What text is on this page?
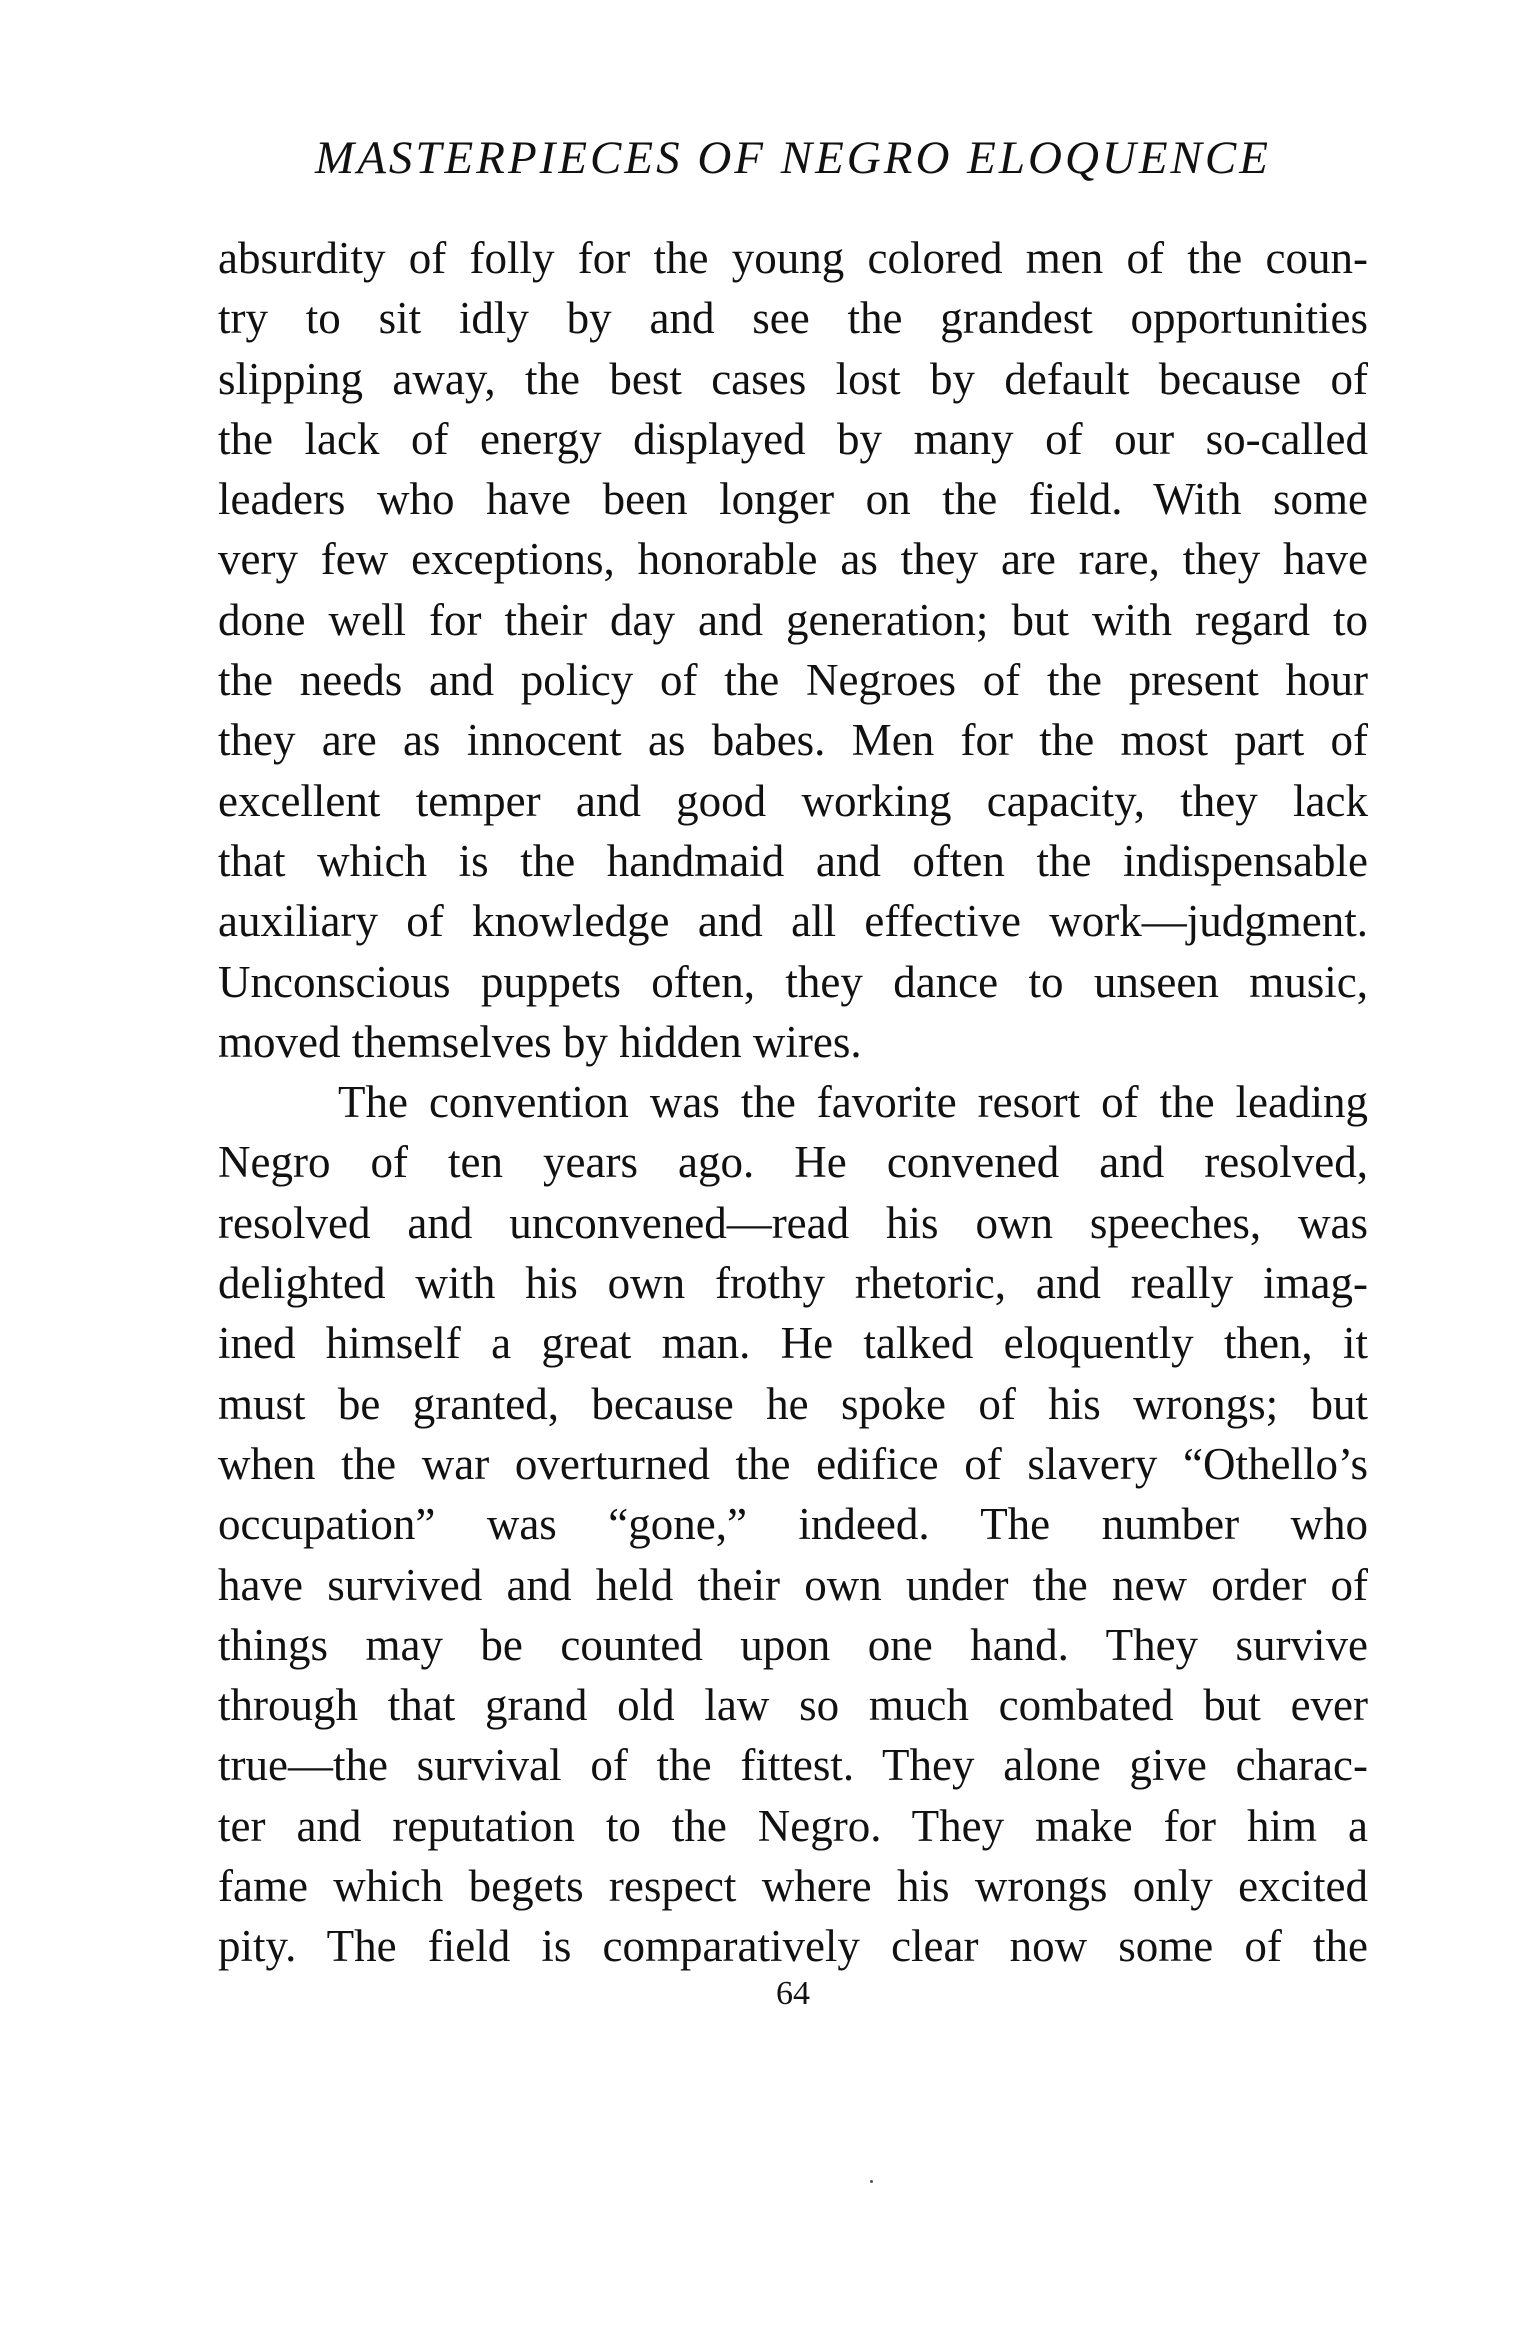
MASTERPIECES OF NEGRO ELOQUENCE
absurdity of folly for the young colored men of the coun-
try to sit idly by and see the grandest opportunities
slipping away, the best cases lost by default because of
the lack of energy displayed by many of our so-called
leaders who have been longer on the field. With some
very few exceptions, honorable as they are rare, they have
done well for their day and generation; but with regard to
the needs and policy of the Negroes of the present hour
they are as innocent as babes. Men for the most part of
excellent temper and good working capacity, they lack
that which is the handmaid and often the indispensable
auxiliary of knowledge and all effective work—judgment.
Unconscious puppets often, they dance to unseen music,
moved themselves by hidden wires.
The convention was the favorite resort of the leading
Negro of ten years ago. He convened and resolved,
resolved and unconvened—read his own speeches, was
delighted with his own frothy rhetoric, and really imag-
ined himself a great man. He talked eloquently then, it
must be granted, because he spoke of his wrongs; but
when the war overturned the edifice of slavery “Othello’s
occupation” was “gone,” indeed. The number who
have survived and held their own under the new order of
things may be counted upon one hand. They survive
through that grand old law so much combated but ever
true—the survival of the fittest. They alone give charac-
ter and reputation to the Negro. They make for him a
fame which begets respect where his wrongs only excited
pity. The field is comparatively clear now some of the
64
